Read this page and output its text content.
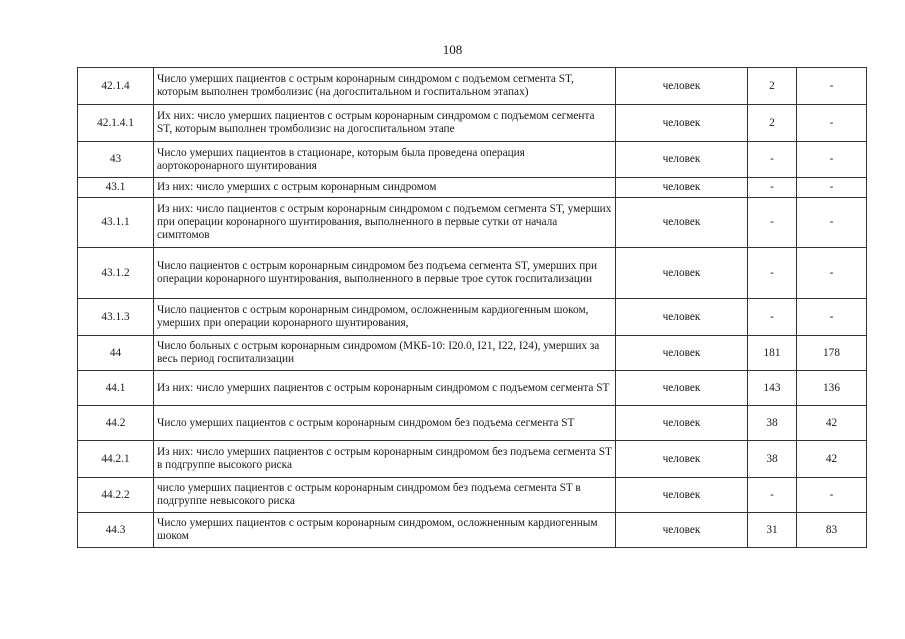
108
42.1.4	Число умерших пациентов с острым коронарным синдромом с подъемом сегмента ST, которым выполнен тромболизис (на догоспитальном и госпитальном этапах)	человек	2	-
42.1.4.1	Их них: число умерших пациентов с острым коронарным синдромом с подъемом сегмента ST, которым выполнен тромболизис на догоспитальном этапе	человек	2	-
43	Число умерших пациентов в стационаре, которым была проведена операция аортокоронарного шунтирования	человек	-	-
43.1	Из них: число умерших с острым коронарным синдромом	человек	-	-
43.1.1	Из них: число пациентов с острым коронарным синдромом с подъемом сегмента ST, умерших при операции коронарного шунтирования, выполненного в первые сутки от начала симптомов	человек	-	-
43.1.2	Число пациентов с острым коронарным синдромом без подъема сегмента ST, умерших при операции коронарного шунтирования, выполненного в первые трое суток госпитализации	человек	-	-
43.1.3	Число пациентов с острым коронарным синдромом, осложненным кардиогенным шоком, умерших при операции коронарного шунтирования,	человек	-	-
44	Число больных с острым коронарным синдромом (МКБ-10: I20.0, I21, I22, I24), умерших за весь период госпитализации	человек	181	178
44.1	Из них: число умерших пациентов с острым коронарным синдромом с подъемом сегмента ST	человек	143	136
44.2	Число умерших пациентов с острым коронарным синдромом без подъема сегмента ST	человек	38	42
44.2.1	Из них: число умерших пациентов с острым коронарным синдромом без подъема сегмента ST в подгруппе высокого риска	человек	38	42
44.2.2	число умерших пациентов с острым коронарным синдромом без подъема сегмента ST в подгруппе невысокого риска	человек	-	-
44.3	Число умерших пациентов с острым коронарным синдромом, осложненным кардиогенным шоком	человек	31	83
